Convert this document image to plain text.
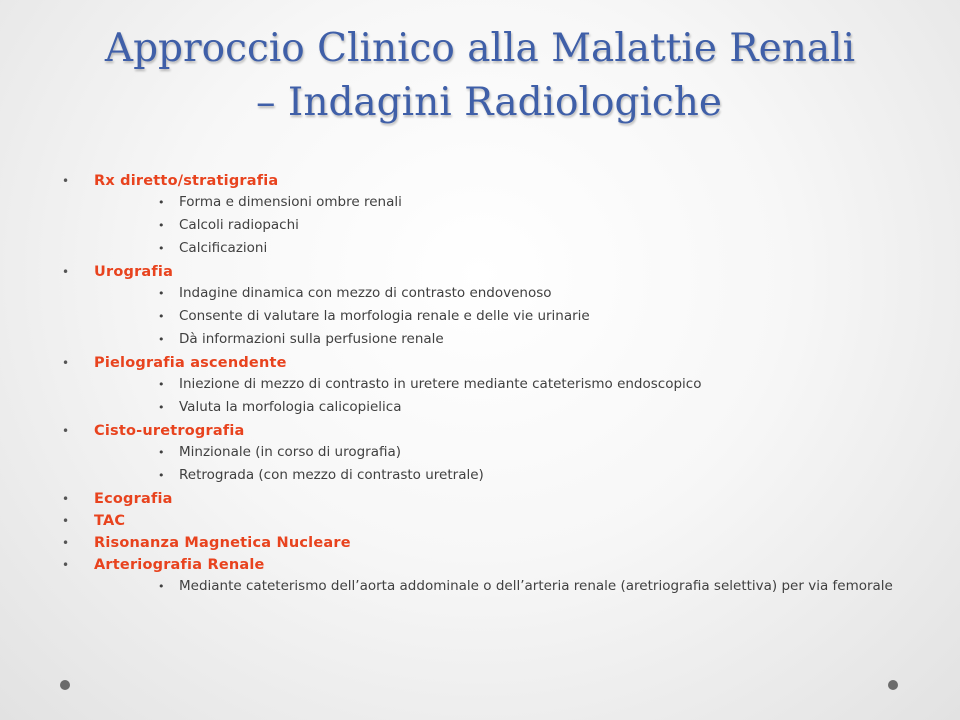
Approccio Clinico alla Malattie Renali
– Indagini Radiologiche
• Rx diretto/stratigrafia
• Forma e dimensioni ombre renali
• Calcoli radiopachi
• Calcificazioni
• Urografia
• Indagine dinamica con mezzo di contrasto endovenoso
• Consente di valutare la morfologia renale e delle vie urinarie
• Dà informazioni sulla perfusione renale
• Pielografia ascendente
• Iniezione di mezzo di contrasto in uretere mediante cateterismo endoscopico
• Valuta la morfologia calicopielica
• Cisto-uretrografia
• Minzionale (in corso di urografia)
• Retrograda (con mezzo di contrasto uretrale)
• Ecografia
• TAC
• Risonanza Magnetica Nucleare
• Arteriografia Renale
• Mediante cateterismo dell’aorta addominale o dell’arteria renale (aretriografia selettiva) per via femorale
